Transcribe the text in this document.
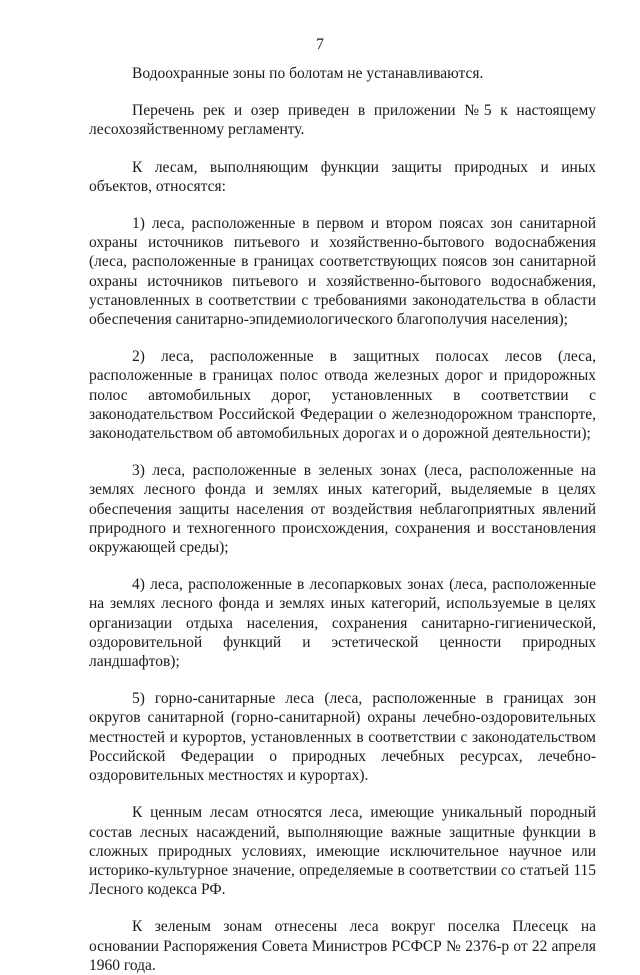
7

Водоохранные зоны по болотам не устанавливаются.

Перечень рек и озер приведен в приложении №5 к настоящему лесохозяйственному регламенту.

К лесам, выполняющим функции защиты природных и иных объектов, относятся:

1) леса, расположенные в первом и втором поясах зон санитарной охраны источников питьевого и хозяйственно-бытового водоснабжения (леса, расположенные в границах соответствующих поясов зон санитарной охраны источников питьевого и хозяйственно-бытового водоснабжения, установленных в соответствии с требованиями законодательства в области обеспечения санитарно-эпидемиологического благополучия населения);

2) леса, расположенные в защитных полосах лесов (леса, расположенные в границах полос отвода железных дорог и придорожных полос автомобильных дорог, установленных в соответствии с законодательством Российской Федерации о железнодорожном транспорте, законодательством об автомобильных дорогах и о дорожной деятельности);

3) леса, расположенные в зеленых зонах (леса, расположенные на землях лесного фонда и землях иных категорий, выделяемые в целях обеспечения защиты населения от воздействия неблагоприятных явлений природного и техногенного происхождения, сохранения и восстановления окружающей среды);

4) леса, расположенные в лесопарковых зонах (леса, расположенные на землях лесного фонда и землях иных категорий, используемые в целях организации отдыха населения, сохранения санитарно-гигиенической, оздоровительной функций и эстетической ценности природных ландшафтов);

5) горно-санитарные леса (леса, расположенные в границах зон округов санитарной (горно-санитарной) охраны лечебно-оздоровительных местностей и курортов, установленных в соответствии с законодательством Российской Федерации о природных лечебных ресурсах, лечебно-оздоровительных местностях и курортах).

К ценным лесам относятся леса, имеющие уникальный породный состав лесных насаждений, выполняющие важные защитные функции в сложных природных условиях, имеющие исключительное научное или историко-культурное значение, определяемые в соответствии со статьей 115 Лесного кодекса РФ.

К зеленым зонам отнесены леса вокруг поселка Плесецк на основании Распоряжения Совета Министров РСФСР № 2376-р от 22 апреля 1960 года.
